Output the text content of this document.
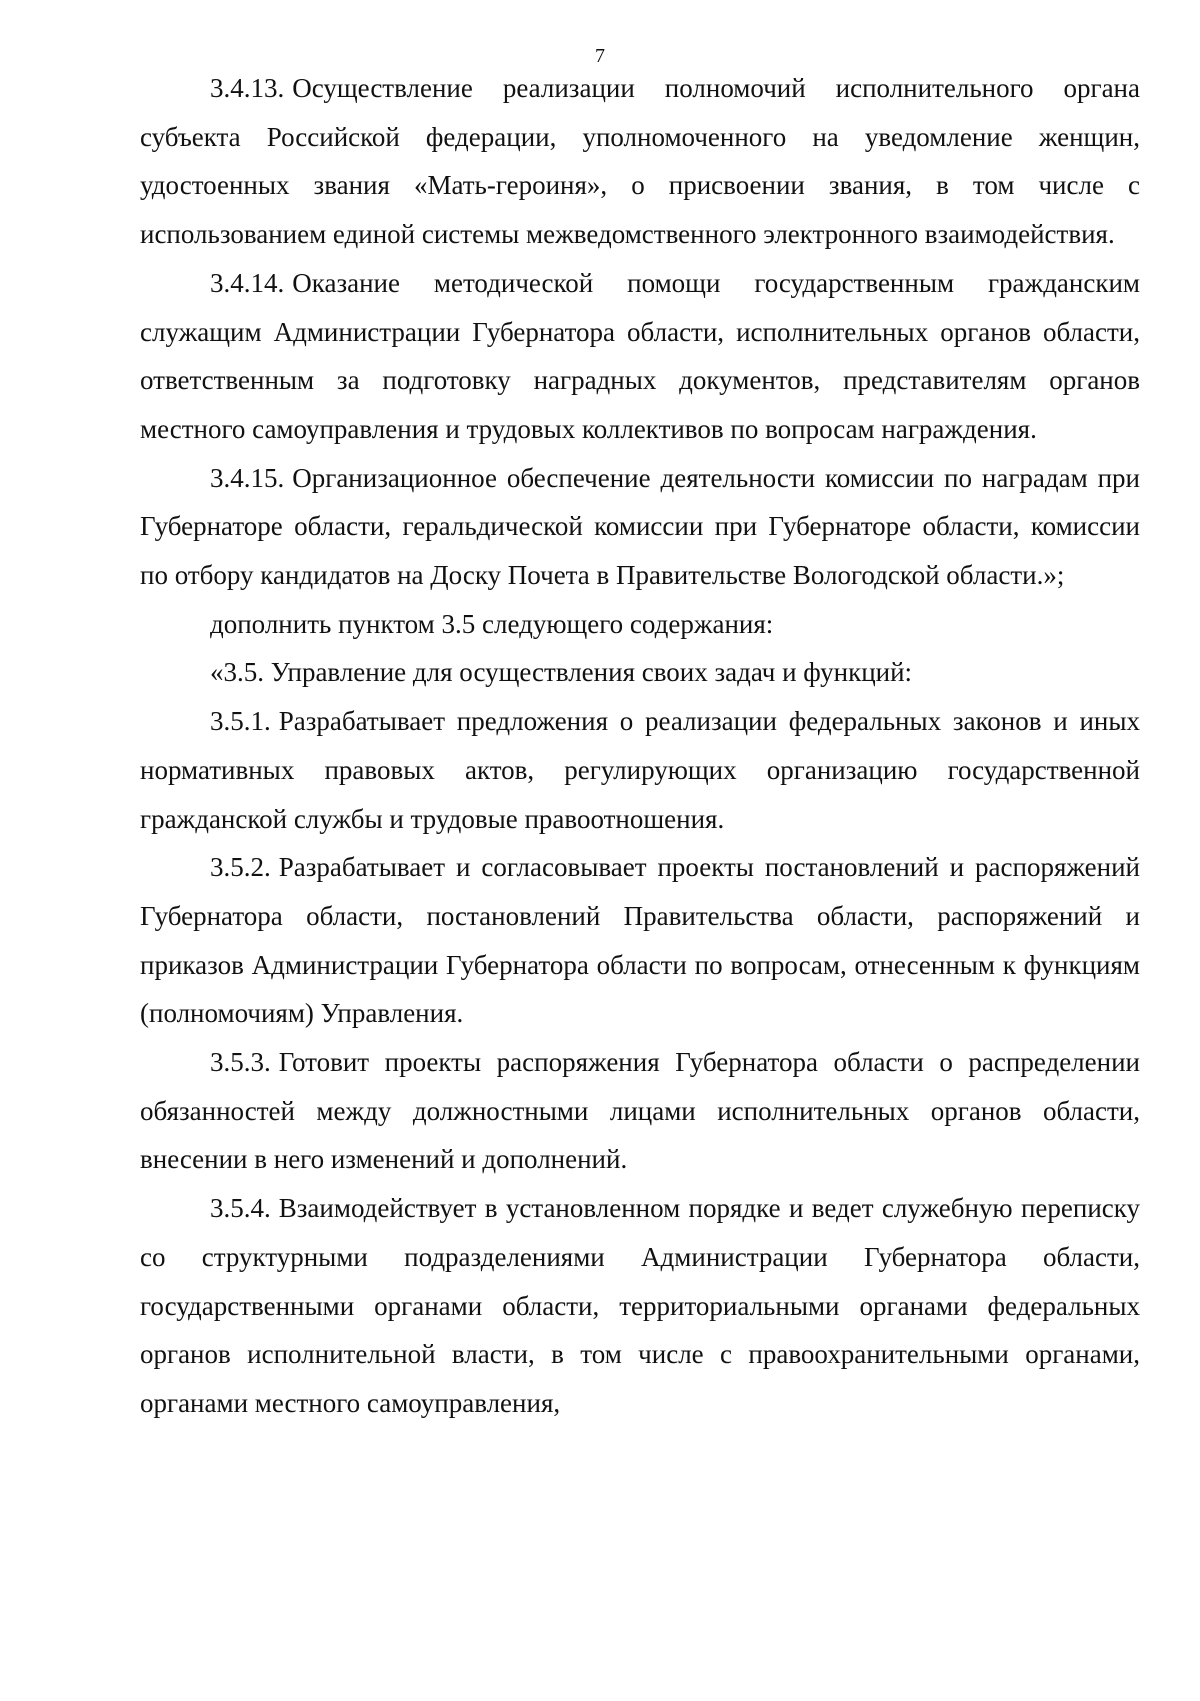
7

3.4.13. Осуществление реализации полномочий исполнительного органа субъекта Российской федерации, уполномоченного на уведомление женщин, удостоенных звания «Мать-героиня», о присвоении звания, в том числе с использованием единой системы межведомственного электронного взаимодействия.

3.4.14. Оказание методической помощи государственным гражданским служащим Администрации Губернатора области, исполнительных органов области, ответственным за подготовку наградных документов, представителям органов местного самоуправления и трудовых коллективов по вопросам награждения.

3.4.15. Организационное обеспечение деятельности комиссии по наградам при Губернаторе области, геральдической комиссии при Губернаторе области, комиссии по отбору кандидатов на Доску Почета в Правительстве Вологодской области.»;

дополнить пунктом 3.5 следующего содержания:

«3.5. Управление для осуществления своих задач и функций:

3.5.1. Разрабатывает предложения о реализации федеральных законов и иных нормативных правовых актов, регулирующих организацию государственной гражданской службы и трудовые правоотношения.

3.5.2. Разрабатывает и согласовывает проекты постановлений и распоряжений Губернатора области, постановлений Правительства области, распоряжений и приказов Администрации Губернатора области по вопросам, отнесенным к функциям (полномочиям) Управления.

3.5.3. Готовит проекты распоряжения Губернатора области о распределении обязанностей между должностными лицами исполнительных органов области, внесении в него изменений и дополнений.

3.5.4. Взаимодействует в установленном порядке и ведет служебную переписку со структурными подразделениями Администрации Губернатора области, государственными органами области, территориальными органами федеральных органов исполнительной власти, в том числе с правоохранительными органами, органами местного самоуправления,
